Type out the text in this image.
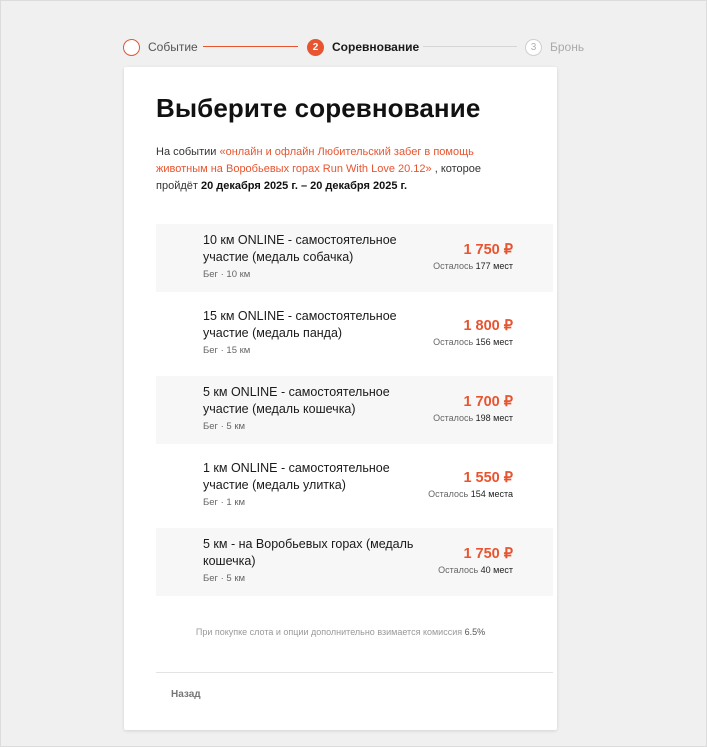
Событие	2	Соревнование	3	Бронь
Выберите соревнование

На событии «онлайн и офлайн Любительский забег в помощь животным на Воробьевых горах Run With Love 20.12» , которое пройдёт 20 декабря 2025 г. – 20 декабря 2025 г.

10 км ONLINE - самостоятельное участие (медаль собачка)
Бег · 10 км
1 750 ₽
Осталось 177 мест
15 км ONLINE - самостоятельное участие (медаль панда)
Бег · 15 км
1 800 ₽
Осталось 156 мест
5 км ONLINE - самостоятельное участие (медаль кошечка)
Бег · 5 км
1 700 ₽
Осталось 198 мест
1 км ONLINE - самостоятельное участие (медаль улитка)
Бег · 1 км
1 550 ₽
Осталось 154 места
5 км - на Воробьевых горах (медаль кошечка)
Бег · 5 км
1 750 ₽
Осталось 40 мест
При покупке слота и опции дополнительно взимается комиссия 6.5%
Назад
